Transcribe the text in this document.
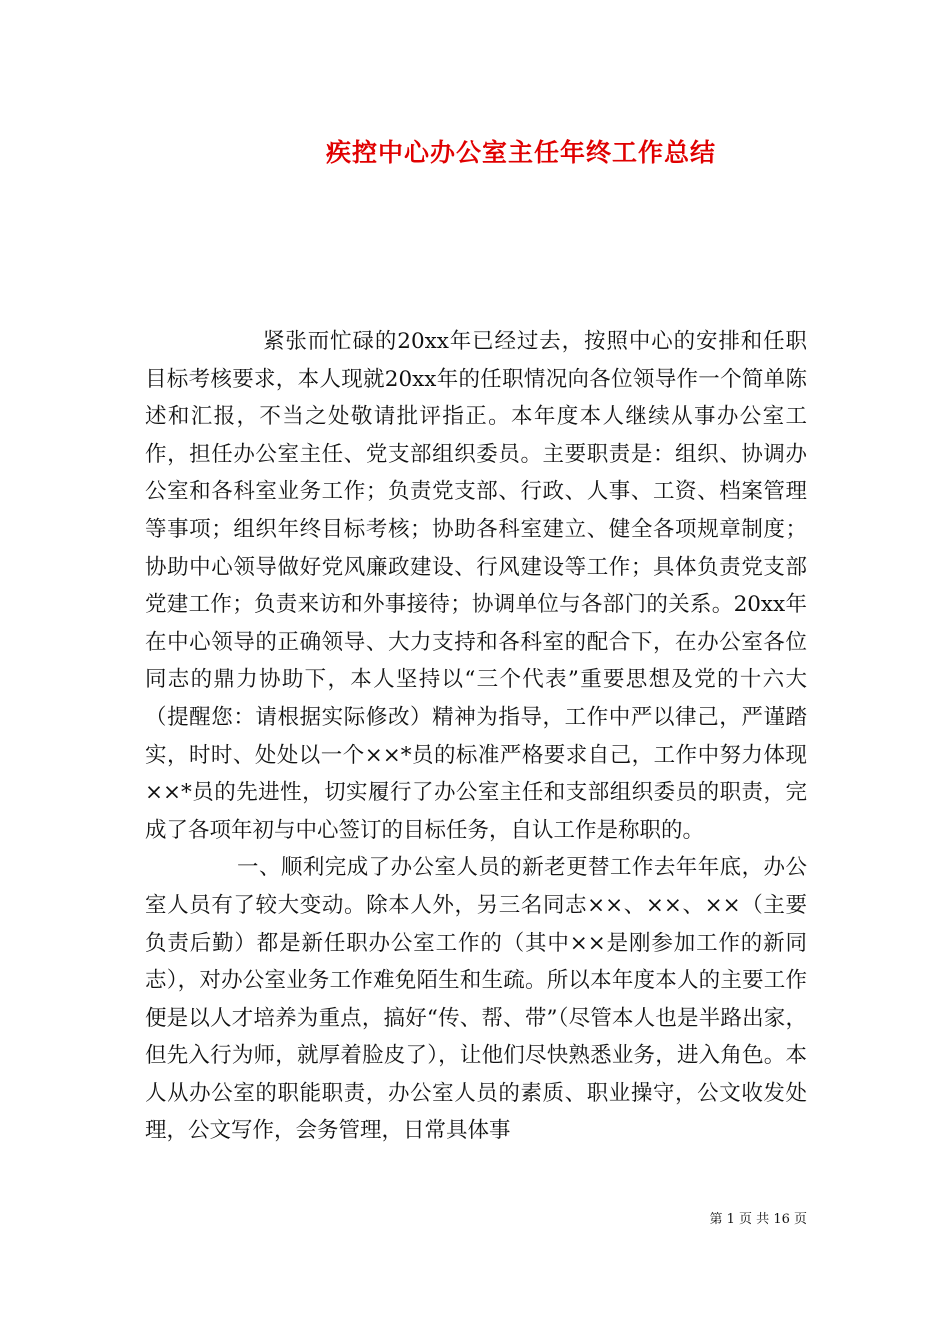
疾控中心办公室主任年终工作总结

紧张而忙碌的20xx年已经过去，按照中心的安排和任职目标考核要求，本人现就20xx年的任职情况向各位领导作一个简单陈述和汇报，不当之处敬请批评指正。本年度本人继续从事办公室工作，担任办公室主任、党支部组织委员。主要职责是：组织、协调办公室和各科室业务工作；负责党支部、行政、人事、工资、档案管理等事项；组织年终目标考核；协助各科室建立、健全各项规章制度；协助中心领导做好党风廉政建设、行风建设等工作；具体负责党支部党建工作；负责来访和外事接待；协调单位与各部门的关系。20xx年在中心领导的正确领导、大力支持和各科室的配合下，在办公室各位同志的鼎力协助下，本人坚持以“三个代表”重要思想及党的十六大（提醒您：请根据实际修改）精神为指导，工作中严以律己，严谨踏实，时时、处处以一个××*员的标准严格要求自己，工作中努力体现××*员的先进性，切实履行了办公室主任和支部组织委员的职责，完成了各项年初与中心签订的目标任务，自认工作是称职的。

一、顺利完成了办公室人员的新老更替工作去年年底，办公室人员有了较大变动。除本人外，另三名同志××、××、××（主要负责后勤）都是新任职办公室工作的（其中××是刚参加工作的新同志），对办公室业务工作难免陌生和生疏。所以本年度本人的主要工作便是以人才培养为重点，搞好“传、帮、带”（尽管本人也是半路出家，但先入行为师，就厚着脸皮了），让他们尽快熟悉业务，进入角色。本人从办公室的职能职责，办公室人员的素质、职业操守，公文收发处理，公文写作，会务管理，日常具体事

第 1 页 共 16 页
